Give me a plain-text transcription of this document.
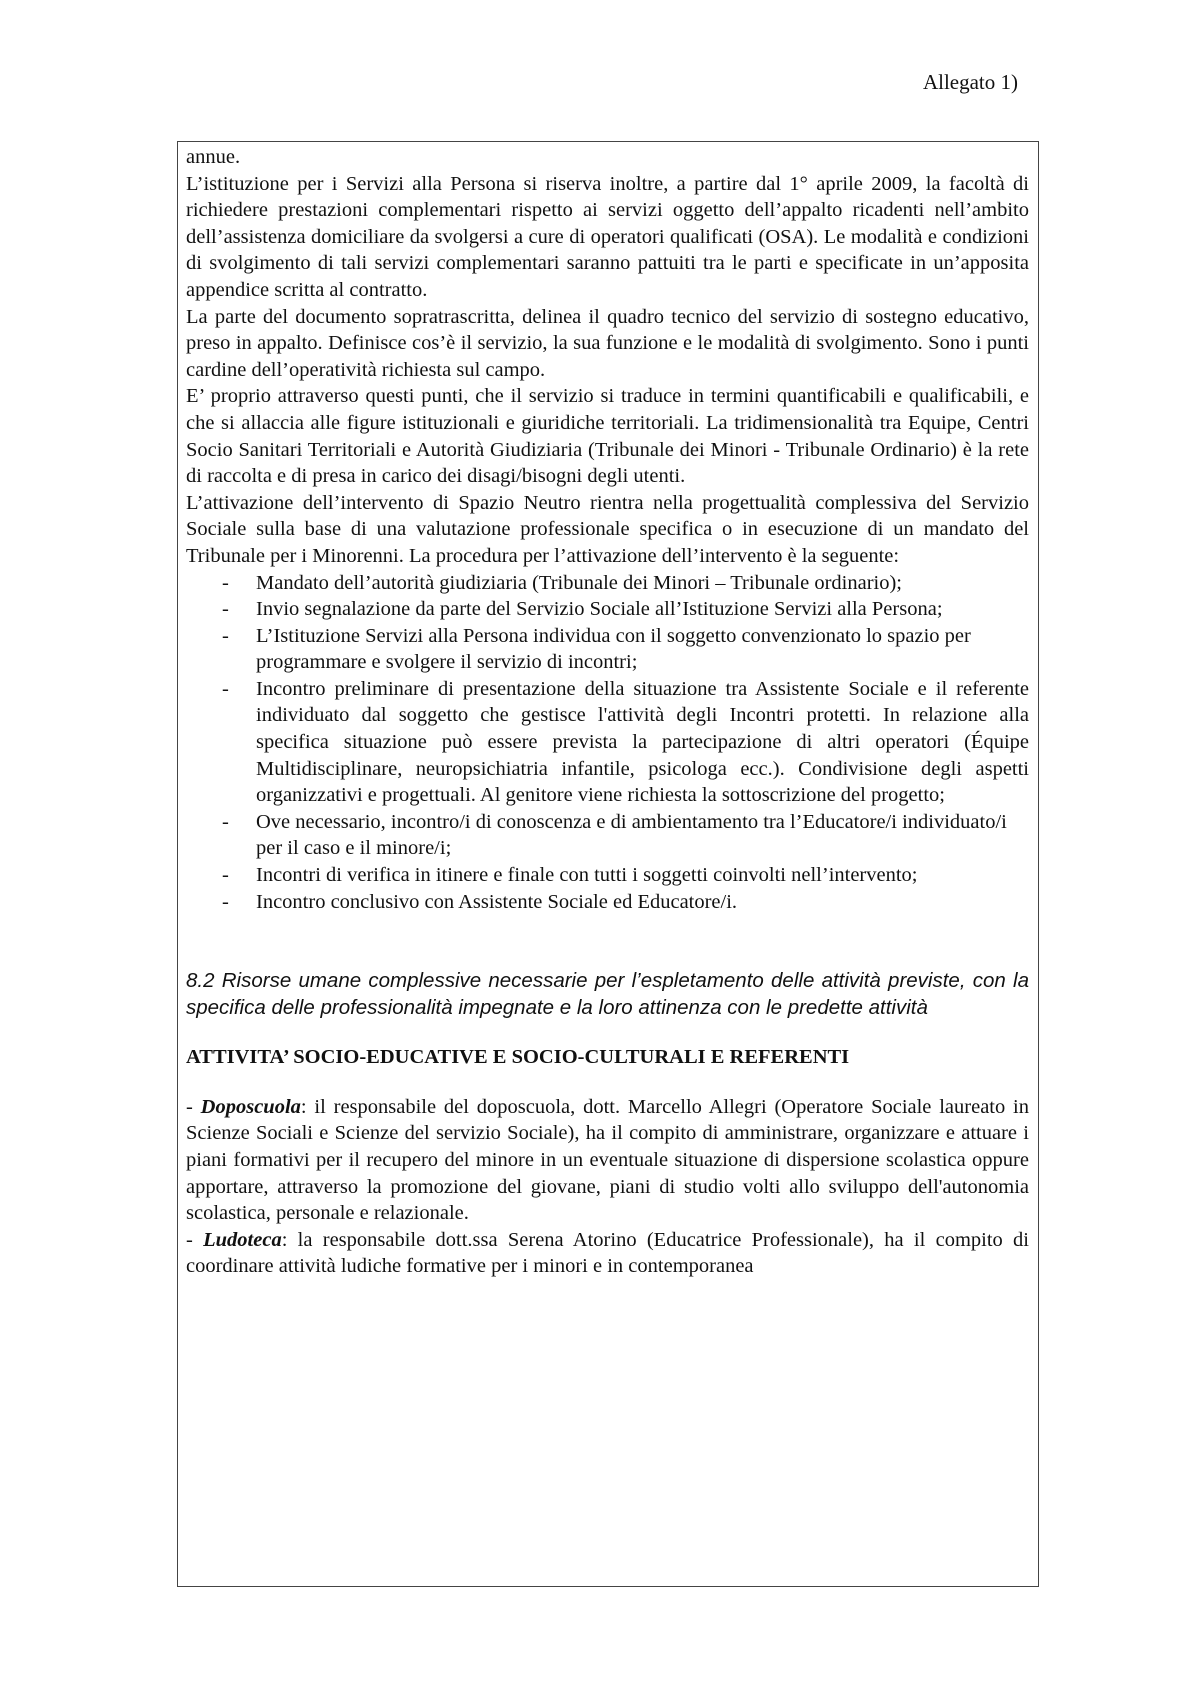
Allegato 1)

annue.

L’istituzione per i Servizi alla Persona si riserva inoltre, a partire dal 1° aprile 2009, la facoltà di richiedere prestazioni complementari rispetto ai servizi oggetto dell’appalto ricadenti nell’ambito dell’assistenza domiciliare da svolgersi a cure di operatori qualificati (OSA). Le modalità e condizioni di svolgimento di tali servizi complementari saranno pattuiti tra le parti e specificate in un’apposita appendice scritta al contratto.

La parte del documento sopratrascritta, delinea il quadro tecnico del servizio di sostegno educativo, preso in appalto. Definisce cos’è il servizio, la sua funzione e le modalità di svolgimento. Sono i punti cardine dell’operatività richiesta sul campo.

E’ proprio attraverso questi punti, che il servizio si traduce in termini quantificabili e qualificabili, e che si allaccia alle figure istituzionali e giuridiche territoriali. La tridimensionalità tra Equipe, Centri Socio Sanitari Territoriali e Autorità Giudiziaria (Tribunale dei Minori - Tribunale Ordinario) è la rete di raccolta e di presa in carico dei disagi/bisogni degli utenti.

L’attivazione dell’intervento di Spazio Neutro rientra nella progettualità complessiva del Servizio Sociale sulla base di una valutazione professionale specifica o in esecuzione di un mandato del Tribunale per i Minorenni. La procedura per l’attivazione dell’intervento è la seguente:

- Mandato dell’autorità giudiziaria (Tribunale dei Minori – Tribunale ordinario);
- Invio segnalazione da parte del Servizio Sociale all’Istituzione Servizi alla Persona;
- L’Istituzione Servizi alla Persona individua con il soggetto convenzionato lo spazio per programmare e svolgere il servizio di incontri;
- Incontro preliminare di presentazione della situazione tra Assistente Sociale e il referente individuato dal soggetto che gestisce l'attività degli Incontri protetti. In relazione alla specifica situazione può essere prevista la partecipazione di altri operatori (Équipe Multidisciplinare, neuropsichiatria infantile, psicologa ecc.). Condivisione degli aspetti organizzativi e progettuali. Al genitore viene richiesta la sottoscrizione del progetto;
- Ove necessario, incontro/i di conoscenza e di ambientamento tra l’Educatore/i individuato/i per il caso e il minore/i;
- Incontri di verifica in itinere e finale con tutti i soggetti coinvolti nell’intervento;
- Incontro conclusivo con Assistente Sociale ed Educatore/i.

8.2 Risorse umane complessive necessarie per l’espletamento delle attività previste, con la specifica delle professionalità impegnate e la loro attinenza con le predette attività

ATTIVITA’ SOCIO-EDUCATIVE E SOCIO-CULTURALI E REFERENTI

- Doposcuola: il responsabile del doposcuola, dott. Marcello Allegri (Operatore Sociale laureato in Scienze Sociali e Scienze del servizio Sociale), ha il compito di amministrare, organizzare e attuare i piani formativi per il recupero del minore in un eventuale situazione di dispersione scolastica oppure apportare, attraverso la promozione del giovane, piani di studio volti allo sviluppo dell'autonomia scolastica, personale e relazionale.

- Ludoteca: la responsabile dott.ssa Serena Atorino (Educatrice Professionale), ha il compito di coordinare attività ludiche formative per i minori e in contemporanea
